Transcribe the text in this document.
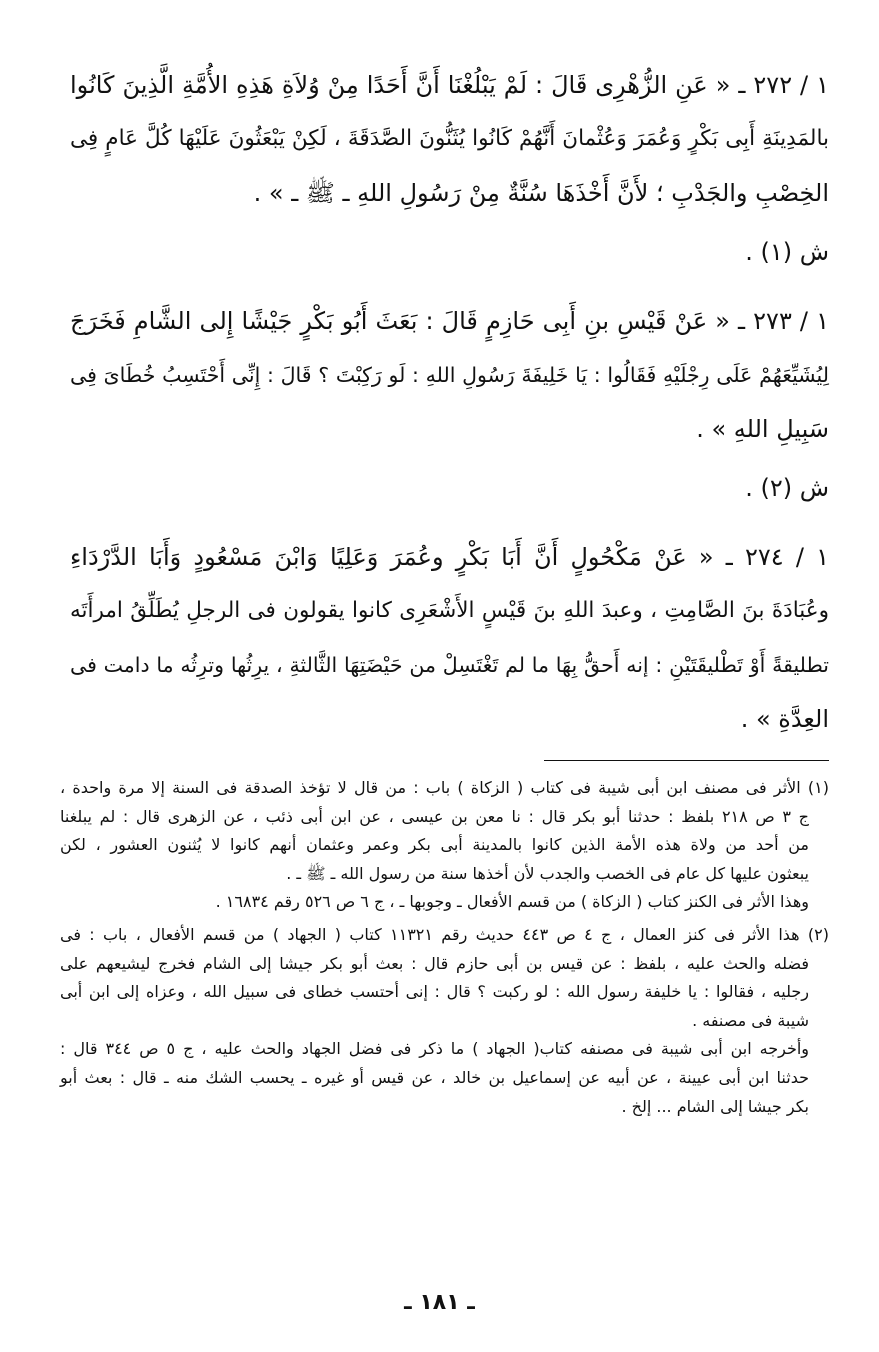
١ / ٢٧٢ ـ « عَنِ الزُّهْرِى قَالَ : لَمْ يَبْلُغْنَا أَنَّ أَحَدًا مِنْ وُلاَةِ هَذِهِ الأُمَّةِ الَّذِينَ كَانُوا
بالمَدِينَةِ أَبِى بَكْرٍ وَعُمَرَ وَعُثْمانَ أَنَّهُمْ كَانُوا يُثَنُّونَ الصَّدَقَةَ ، لَكِنْ يَبْعَثُونَ عَلَيْهَا كُلَّ عَامٍ فِى
الخِصْبِ والجَدْبِ ؛ لأَنَّ أَخْذَهَا سُنَّةٌ مِنْ رَسُولِ اللهِ ـ ﷺ ـ » .
ش (١) .
١ / ٢٧٣ ـ « عَنْ قَيْسِ بنِ أَبِى حَازِمٍ قَالَ : بَعَثَ أَبُو بَكْرٍ جَيْشًا إِلى الشَّامِ فَخَرَجَ
لِيُشَيِّعَهُمْ عَلَى رِجْلَيْهِ فَقَالُوا : يَا خَلِيفَةَ رَسُولِ اللهِ : لَو رَكِبْتَ ؟ قَالَ : إِنِّى أَحْتَسِبُ خُطَاىَ فِى
سَبِيلِ اللهِ » .
ش (٢) .
١ / ٢٧٤ ـ « عَنْ مَكْحُولٍ أَنَّ أَبَا بَكْرٍ وعُمَرَ وَعَلِيًا وَابْنَ مَسْعُودٍ وَأَبَا الدَّرْدَاءِ
وعُبَادَةَ بنَ الصَّامِتِ ، وعبدَ اللهِ بنَ قَيْسٍ الأَشْعَرِى كانوا يقولون فى الرجلِ يُطَلِّقُ امرأَتَه
تطليقةً أَوْ تَطْليقَتَيْنِ : إنه أَحقُّ بِهَا ما لم تَغْتَسِلْ من حَيْضَتِهَا الثَّالثةِ ، يرِثُها وترِثُه ما دامت فى
العِدَّةِ » .
(١) الأثر فى مصنف ابن أبى شيبة فى كتاب ( الزكاة ) باب : من قال لا تؤخذ الصدقة فى السنة إلا مرة واحدة ،
ج ٣ ص ٢١٨ بلفظ : حدثنا أبو بكر قال : نا معن بن عيسى ، عن ابن أبى ذئب ، عن الزهرى قال : لم يبلغنا
من أحد من ولاة هذه الأمة الذين كانوا بالمدينة أبى بكر وعمر وعثمان أنهم كانوا لا يُثنون العشور ، لكن
يبعثون عليها كل عام فى الخصب والجدب لأن أخذها سنة من رسول الله ـ ﷺ ـ .
وهذا الأثر فى الكنز كتاب ( الزكاة ) من قسم الأفعال ـ وجوبها ـ ، ج ٦ ص ٥٢٦ رقم ١٦٨٣٤ .
(٢) هذا الأثر فى كنز العمال ، ج ٤ ص ٤٤٣ حديث رقم ١١٣٢١ كتاب ( الجهاد ) من قسم الأفعال ، باب : فى
فضله والحث عليه ، بلفظ : عن قيس بن أبى حازم قال : بعث أبو بكر جيشا إلى الشام فخرج ليشيعهم على
رجليه ، فقالوا : يا خليفة رسول الله : لو ركبت ؟ قال : إنى أحتسب خطاى فى سبيل الله ، وعزاه إلى ابن أبى
شيبة فى مصنفه .
وأخرجه ابن أبى شيبة فى مصنفه كتاب( الجهاد ) ما ذكر فى فضل الجهاد والحث عليه ، ج ٥ ص ٣٤٤ قال :
حدثنا ابن أبى عيينة ، عن أبيه عن إسماعيل بن خالد ، عن قيس أو غيره ـ يحسب الشك منه ـ قال : بعث أبو
بكر جيشا إلى الشام ... إلخ .
ـ ١٨١ ـ
